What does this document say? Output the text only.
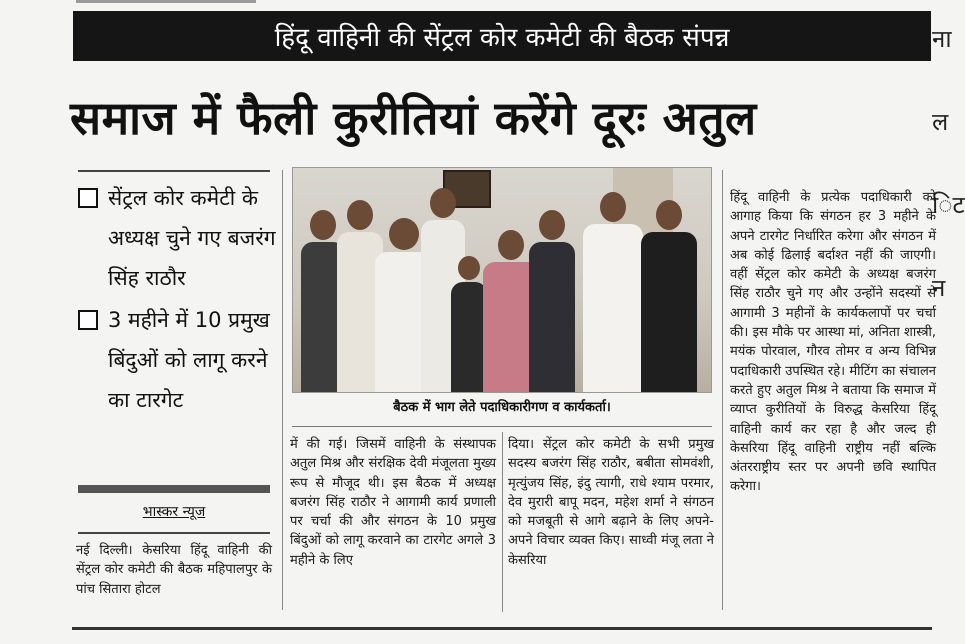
हिंदू वाहिनी की सेंट्रल कोर कमेटी की बैठक संपन्न
समाज में फैली कुरीतियां करेंगे दूरः अतुल
ना
ल
िट
न
सेंट्रल कोर कमेटी के अध्यक्ष चुने गए बजरंग सिंह राठौर
3 महीने में 10 प्रमुख बिंदुओं को लागू करने का टारगेट
भास्कर न्यूज
बैठक में भाग लेते पदाधिकारीगण व कार्यकर्ता।
नई दिल्ली। केसरिया हिंदू वाहिनी की सेंट्रल कोर कमेटी की बैठक महिपालपुर के पांच सितारा होटल
में की गई। जिसमें वाहिनी के संस्थापक अतुल मिश्र और संरक्षिक देवी मंजूलता मुख्य रूप से मौजूद थी। इस बैठक में अध्यक्ष बजरंग सिंह राठौर ने आगामी कार्य प्रणाली पर चर्चा की और संगठन के 10 प्रमुख बिंदुओं को लागू करवाने का टारगेट अगले 3 महीने के लिए
दिया। सेंट्रल कोर कमेटी के सभी प्रमुख सदस्य बजरंग सिंह राठौर, बबीता सोमवंशी, मृत्युंजय सिंह, इंदु त्यागी, राधे श्याम परमार, देव मुरारी बापू मदन, महेश शर्मा ने संगठन को मजबूती से आगे बढ़ाने के लिए अपने-अपने विचार व्यक्त किए। साध्वी मंजू लता ने केसरिया
हिंदू वाहिनी के प्रत्येक पदाधिकारी को आगाह किया कि संगठन हर 3 महीने के अपने टारगेट निर्धारित करेगा और संगठन में अब कोई ढिलाई बर्दाश्त नहीं की जाएगी। वहीं सेंट्रल कोर कमेटी के अध्यक्ष बजरंग सिंह राठौर चुने गए और उन्होंने सदस्यों से आगामी 3 महीनों के कार्यकलापों पर चर्चा की। इस मौके पर आस्था मां, अनिता शास्त्री, मयंक पोरवाल, गौरव तोमर व अन्य विभिन्न पदाधिकारी उपस्थित रहे। मीटिंग का संचालन करते हुए अतुल मिश्र ने बताया कि समाज में व्याप्त कुरीतियों के विरुद्ध केसरिया हिंदू वाहिनी कार्य कर रहा है और जल्द ही केसरिया हिंदू वाहिनी राष्ट्रीय नहीं बल्कि अंतरराष्ट्रीय स्तर पर अपनी छवि स्थापित करेगा।
